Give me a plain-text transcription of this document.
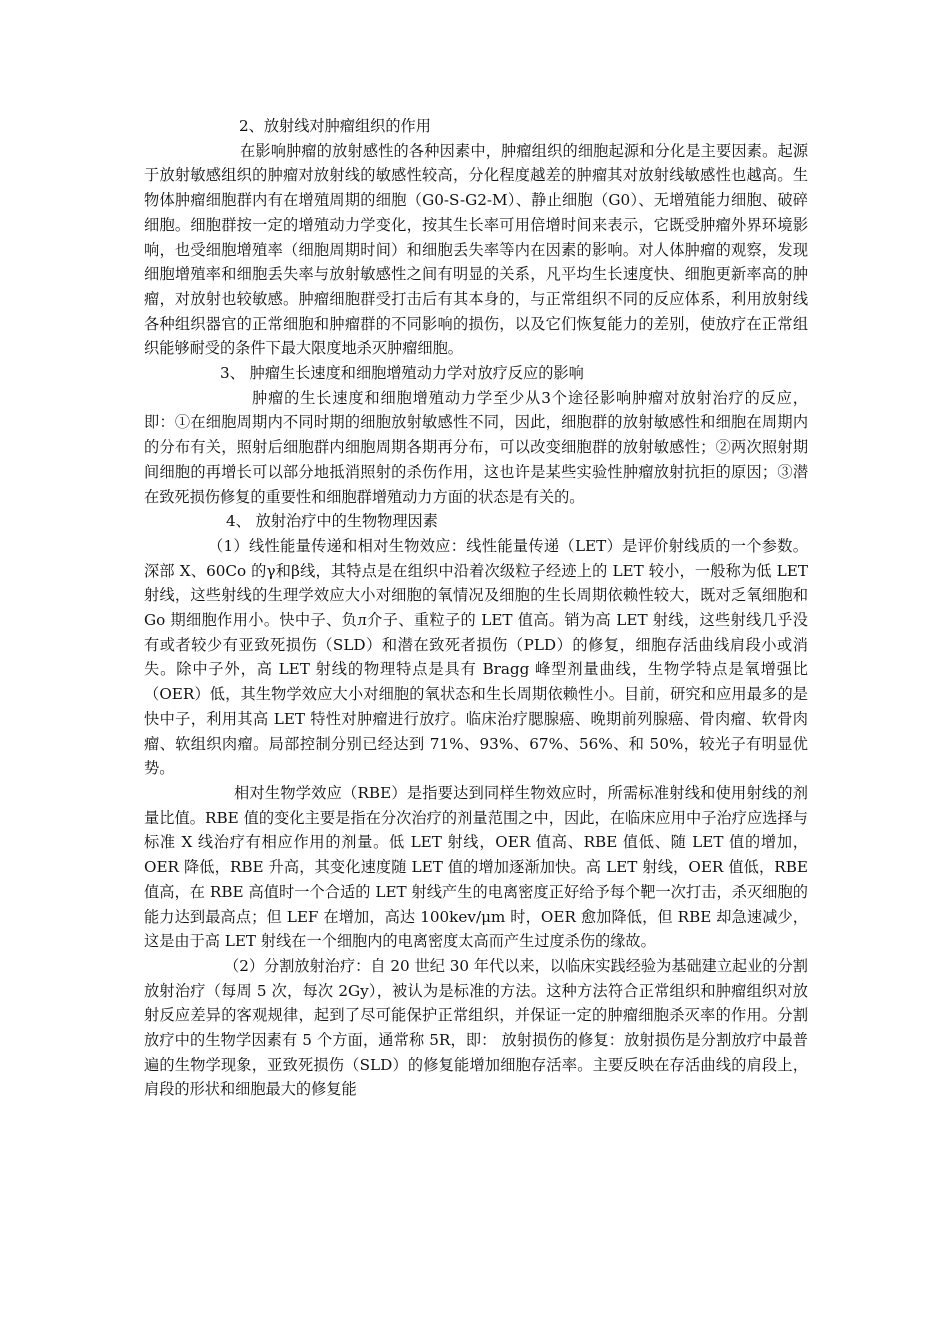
2、放射线对肿瘤组织的作用

在影响肿瘤的放射感性的各种因素中，肿瘤组织的细胞起源和分化是主要因素。起源于放射敏感组织的肿瘤对放射线的敏感性较高，分化程度越差的肿瘤其对放射线敏感性也越高。生物体肿瘤细胞群内有在增殖周期的细胞（G0-S-G2-M）、静止细胞（G0）、无增殖能力细胞、破碎细胞。细胞群按一定的增殖动力学变化，按其生长率可用倍增时间来表示，它既受肿瘤外界环境影响，也受细胞增殖率（细胞周期时间）和细胞丢失率等内在因素的影响。对人体肿瘤的观察，发现细胞增殖率和细胞丢失率与放射敏感性之间有明显的关系，凡平均生长速度快、细胞更新率高的肿瘤，对放射也较敏感。肿瘤细胞群受打击后有其本身的，与正常组织不同的反应体系，利用放射线各种组织器官的正常细胞和肿瘤群的不同影响的损伤，以及它们恢复能力的差别，使放疗在正常组织能够耐受的条件下最大限度地杀灭肿瘤细胞。

3、 肿瘤生长速度和细胞增殖动力学对放疗反应的影响

肿瘤的生长速度和细胞增殖动力学至少从3个途径影响肿瘤对放射治疗的反应，即：①在细胞周期内不同时期的细胞放射敏感性不同，因此，细胞群的放射敏感性和细胞在周期内的分布有关，照射后细胞群内细胞周期各期再分布，可以改变细胞群的放射敏感性；②两次照射期间细胞的再增长可以部分地抵消照射的杀伤作用，这也许是某些实验性肿瘤放射抗拒的原因；③潜在致死损伤修复的重要性和细胞群增殖动力方面的状态是有关的。

4、 放射治疗中的生物物理因素

（1）线性能量传递和相对生物效应：线性能量传递（LET）是评价射线质的一个参数。深部 X、60Co 的γ和β线，其特点是在组织中沿着次级粒子经迹上的 LET 较小，一般称为低 LET 射线，这些射线的生理学效应大小对细胞的氧情况及细胞的生长周期依赖性较大，既对乏氧细胞和 Go 期细胞作用小。快中子、负л介子、重粒子的 LET 值高。销为高 LET 射线，这些射线几乎没有或者较少有亚致死损伤（SLD）和潜在致死者损伤（PLD）的修复，细胞存活曲线肩段小或消失。除中子外，高 LET 射线的物理特点是具有 Bragg 峰型剂量曲线，生物学特点是氧增强比（OER）低，其生物学效应大小对细胞的氧状态和生长周期依赖性小。目前，研究和应用最多的是快中子，利用其高 LET 特性对肿瘤进行放疗。临床治疗腮腺癌、晚期前列腺癌、骨肉瘤、软骨肉瘤、软组织肉瘤。局部控制分别已经达到 71%、93%、67%、56%、和 50%，较光子有明显优势。

相对生物学效应（RBE）是指要达到同样生物效应时，所需标准射线和使用射线的剂量比值。RBE 值的变化主要是指在分次治疗的剂量范围之中，因此，在临床应用中子治疗应选择与标准 X 线治疗有相应作用的剂量。低 LET 射线，OER 值高、RBE 值低、随 LET 值的增加，OER 降低，RBE 升高，其变化速度随 LET 值的增加逐渐加快。高 LET 射线，OER 值低，RBE 值高，在 RBE 高值时一个合适的 LET 射线产生的电离密度正好给予每个靶一次打击，杀灭细胞的能力达到最高点；但 LEF 在增加，高达 100kev/μm 时，OER 愈加降低，但 RBE 却急速减少，这是由于高 LET 射线在一个细胞内的电离密度太高而产生过度杀伤的缘故。

（2）分割放射治疗：自 20 世纪 30 年代以来，以临床实践经验为基础建立起业的分割放射治疗（每周 5 次，每次 2Gy），被认为是标准的方法。这种方法符合正常组织和肿瘤组织对放射反应差异的客观规律，起到了尽可能保护正常组织，并保证一定的肿瘤细胞杀灭率的作用。分割放疗中的生物学因素有 5 个方面，通常称 5R，即： 放射损伤的修复：放射损伤是分割放疗中最普遍的生物学现象，亚致死损伤（SLD）的修复能增加细胞存活率。主要反映在存活曲线的肩段上，肩段的形状和细胞最大的修复能
